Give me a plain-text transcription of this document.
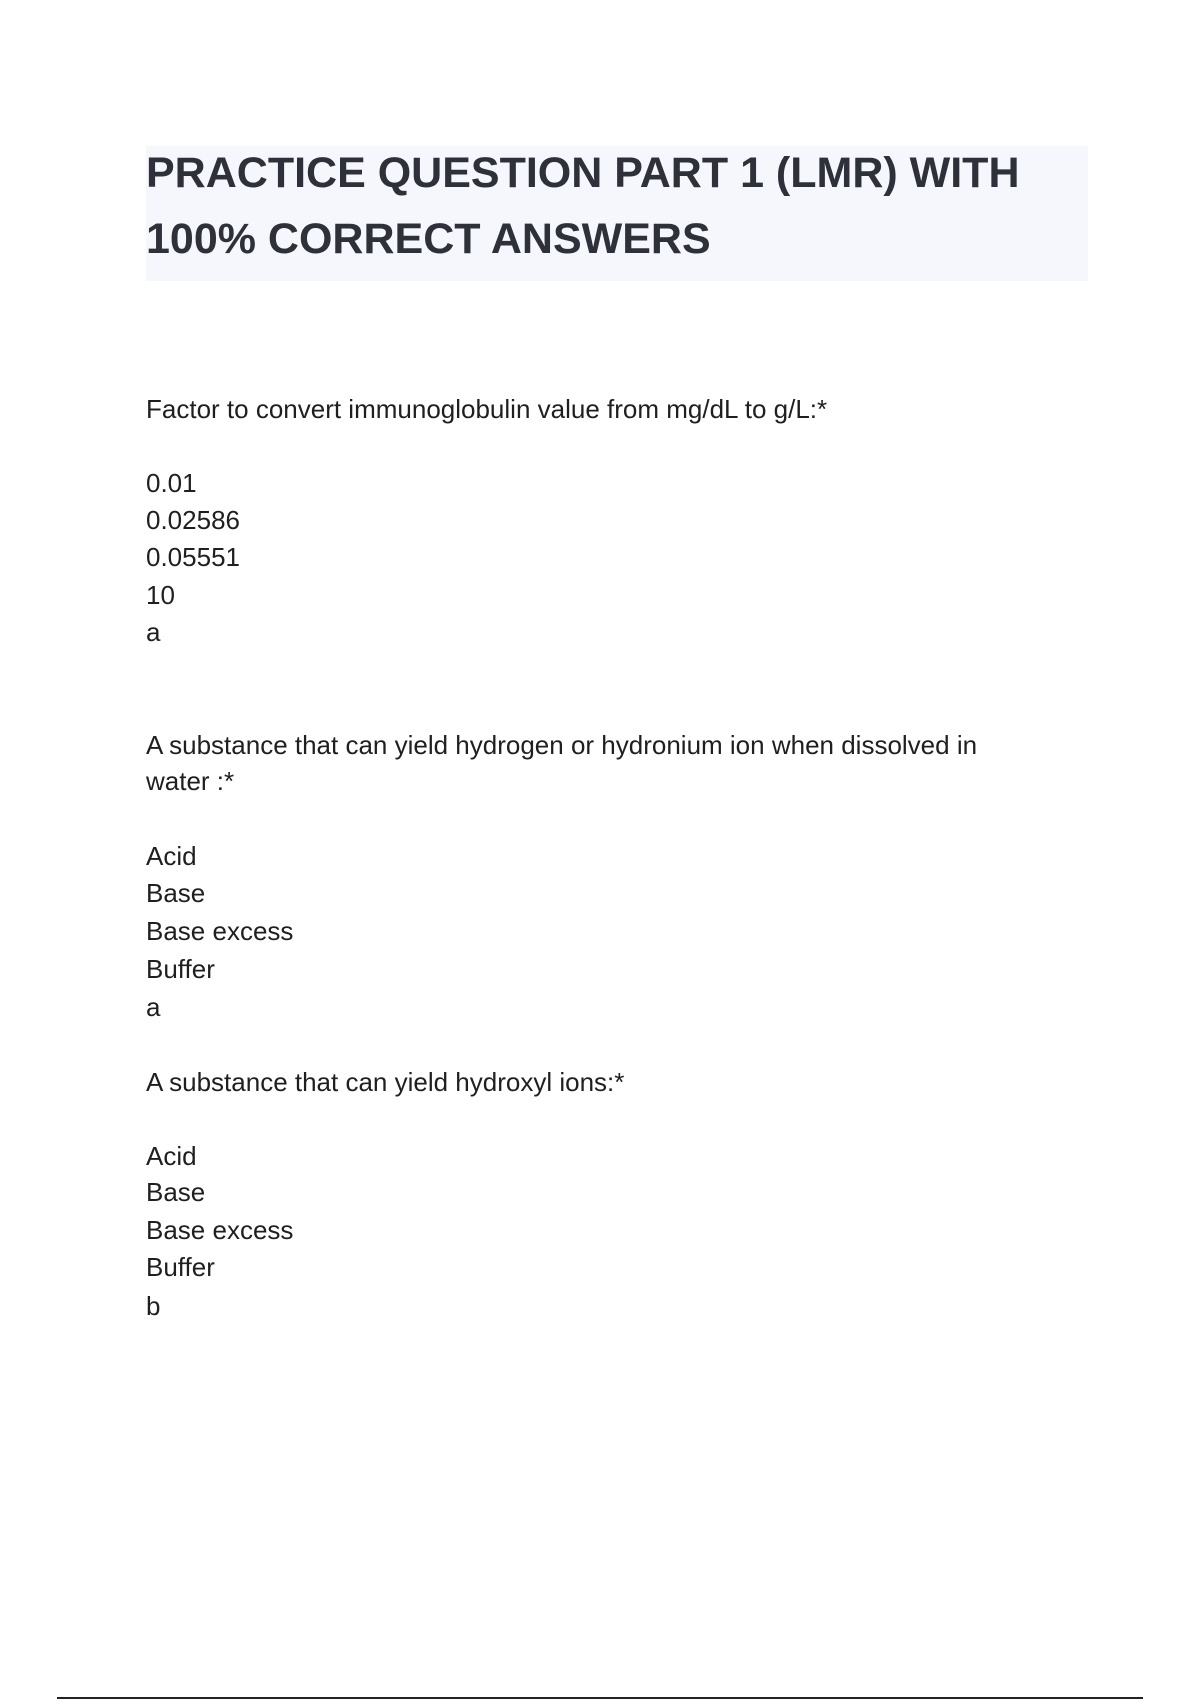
PRACTICE QUESTION PART 1 (LMR) WITH
100% CORRECT ANSWERS
Factor to convert immunoglobulin value from mg/dL to g/L:*
0.01
0.02586
0.05551
10
a
A substance that can yield hydrogen or hydronium ion when dissolved in
water :*
Acid
Base
Base excess
Buffer
a
A substance that can yield hydroxyl ions:*
Acid
Base
Base excess
Buffer
b
